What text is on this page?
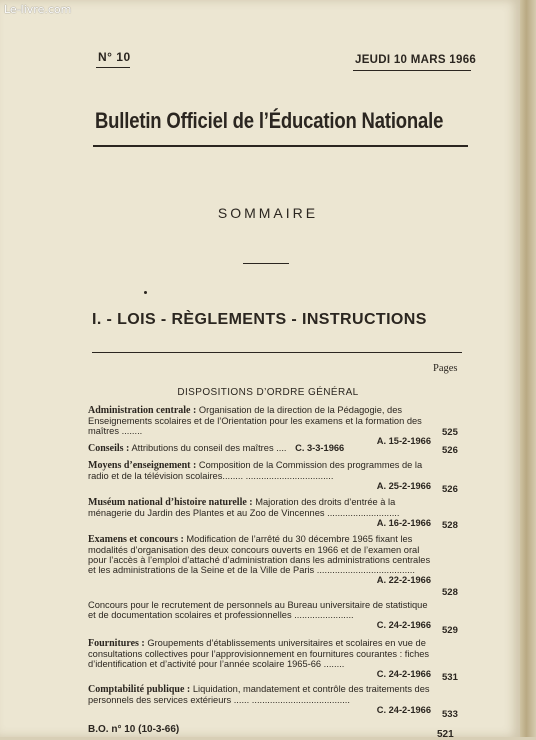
Le-livre.com
N° 10	JEUDI 10 MARS 1966
Bulletin Officiel de l’Éducation Nationale
SOMMAIRE
I. - LOIS - RÈGLEMENTS - INSTRUCTIONS
Pages
DISPOSITIONS D’ORDRE GÉNÉRAL
Administration centrale : Organisation de la direction de la Pédagogie, des Enseignements scolaires et de l’Orientation pour les examens et la formation des maîtres ........
A. 15-2-1966
525
Conseils : Attributions du conseil des maîtres .... C. 3-3-1966	526
Moyens d’enseignement : Composition de la Commission des programmes de la radio et de la télévision scolaires........ ..................................
A. 25-2-1966 526
Muséum national d’histoire naturelle : Majoration des droits d’entrée à la ménagerie du Jardin des Plantes et au Zoo de Vincennes ............................
A. 16-2-1966 528
Examens et concours : Modification de l’arrêté du 30 décembre 1965 fixant les modalités d’organisation des deux concours ouverts en 1966 et de l’examen oral pour l’accès à l’emploi d’attaché d’administration dans les administrations centrales et les administrations de la Seine et de la Ville de Paris ......................................
A. 22-2-1966
528
Concours pour le recrutement de personnels au Bureau universitaire de statistique et de documentation scolaires et professionnelles .......................
C. 24-2-1966 529
Fournitures : Groupements d’établissements universitaires et scolaires en vue de consultations collectives pour l’approvisionnement en fournitures courantes : fiches d’identification et d’activité pour l’année scolaire 1965-66 ........
C. 24-2-1966 531
Comptabilité publique : Liquidation, mandatement et contrôle des traitements des personnels des services extérieurs ...... ......................................
C. 24-2-1966 533
B.O. n° 10 (10-3-66)	521
